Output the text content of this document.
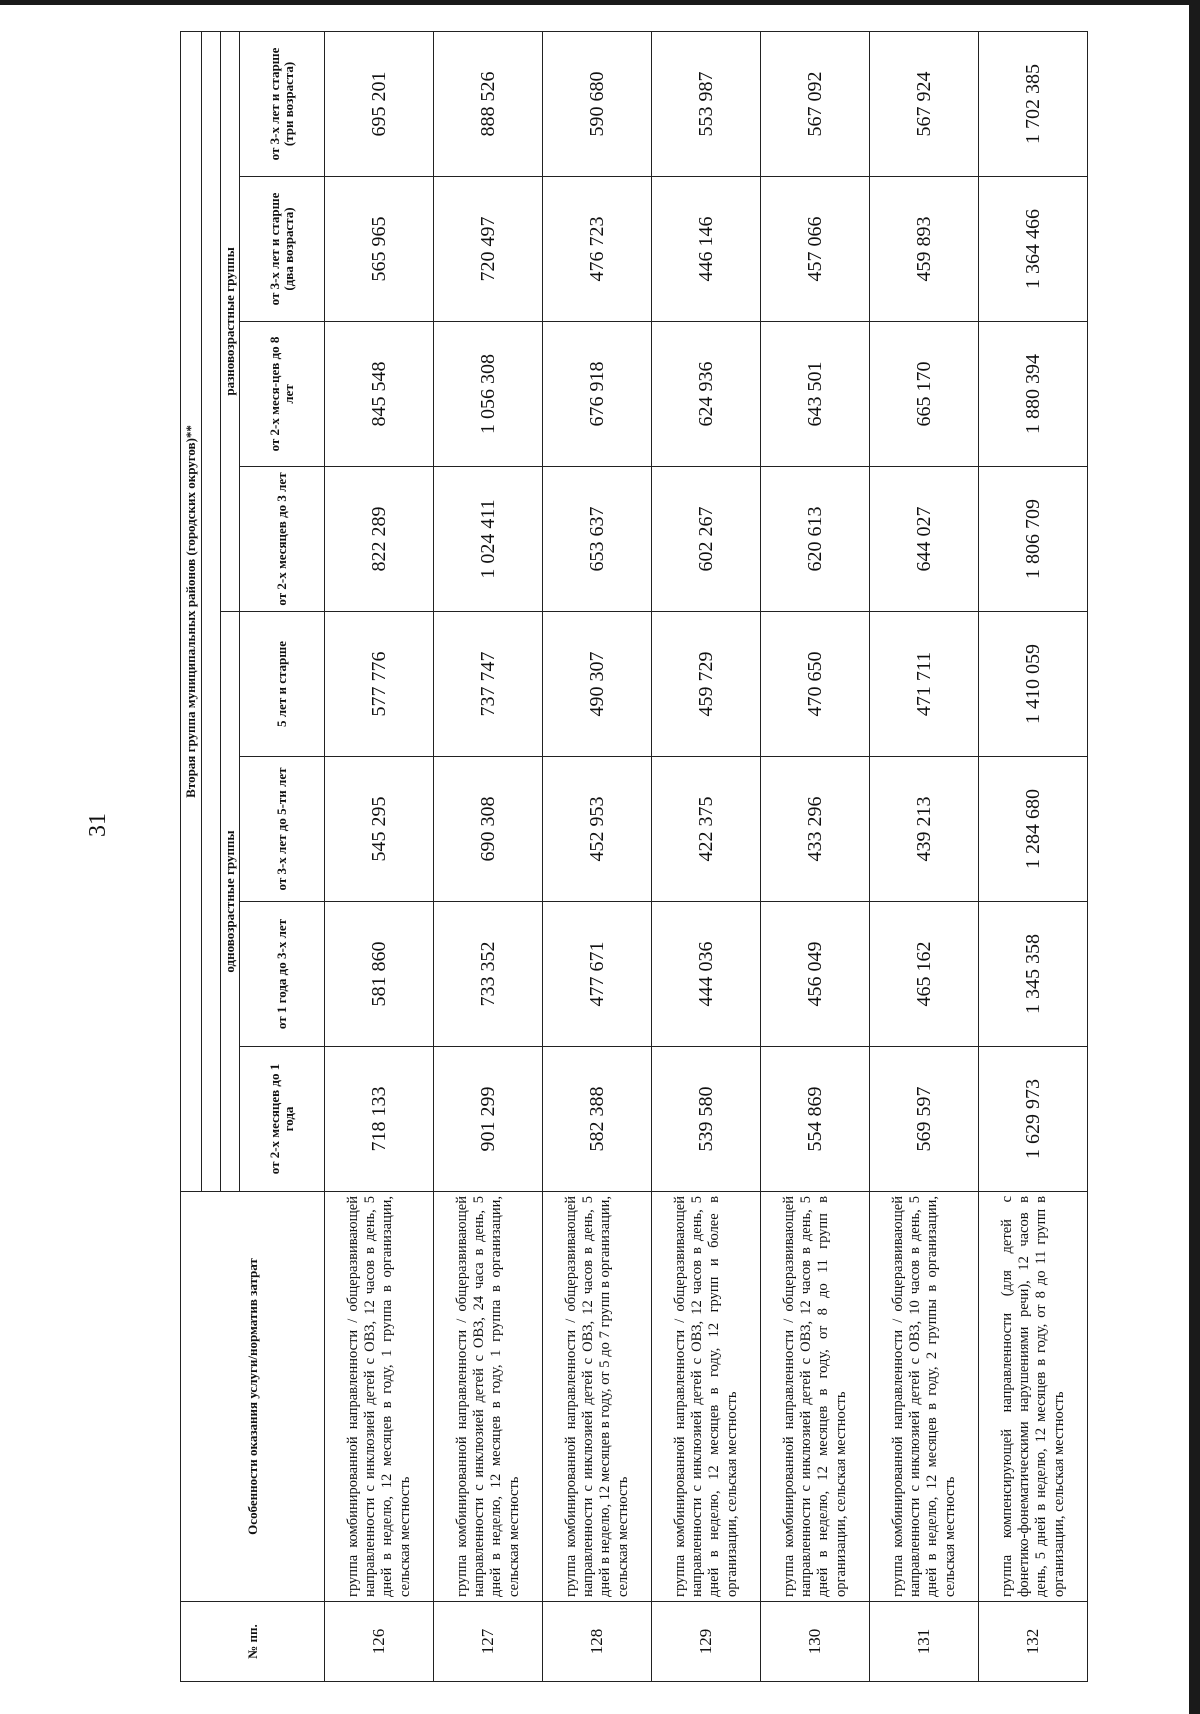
31
№ пп.	Особенности оказания услуги/норматив затрат	Вторая группа муниципальных районов (городских округов)**							

		одновозрастные группы				разновозрастные группы			
		от 2-х месяцев до 1 года	от 1 года до 3-х лет	от 3-х лет до 5-ти лет	5 лет и старше	от 2-х месяцев до 3 лет	от 2-х меся-цев до 8 лет	от 3-х лет и старше (два возраста)	от 3-х лет и старше (три возраста)
126	группа комбинированной направленности / общеразвивающей направленности с инклюзией детей с ОВЗ, 12 часов в день, 5 дней в неделю, 12 месяцев в году, 1 группа в организации, сельская местность	718 133	581 860	545 295	577 776	822 289	845 548	565 965	695 201
127	группа комбинированной направленности / общеразвивающей направленности с инклюзией детей с ОВЗ, 24 часа в день, 5 дней в неделю, 12 месяцев в году, 1 группа в организации, сельская местность	901 299	733 352	690 308	737 747	1 024 411	1 056 308	720 497	888 526
128	группа комбинированной направленности / общеразвивающей направленности с инклюзией детей с ОВЗ, 12 часов в день, 5 дней в неделю, 12 месяцев в году, от 5 до 7 групп в организации, сельская местность	582 388	477 671	452 953	490 307	653 637	676 918	476 723	590 680
129	группа комбинированной направленности / общеразвивающей направленности с инклюзией детей с ОВЗ, 12 часов в день, 5 дней в неделю, 12 месяцев в году, 12 групп и более в организации, сельская местность	539 580	444 036	422 375	459 729	602 267	624 936	446 146	553 987
130	группа комбинированной направленности / общеразвивающей направленности с инклюзией детей с ОВЗ, 12 часов в день, 5 дней в неделю, 12 месяцев в году, от 8 до 11 групп в организации, сельская местность	554 869	456 049	433 296	470 650	620 613	643 501	457 066	567 092
131	группа комбинированной направленности / общеразвивающей направленности с инклюзией детей с ОВЗ, 10 часов в день, 5 дней в неделю, 12 месяцев в году, 2 группы в организации, сельская местность	569 597	465 162	439 213	471 711	644 027	665 170	459 893	567 924
132	группа компенсирующей направленности (для детей с фонетико-фонематическими нарушениями речи), 12 часов в день, 5 дней в неделю, 12 месяцев в году, от 8 до 11 групп в организации, сельская местность	1 629 973	1 345 358	1 284 680	1 410 059	1 806 709	1 880 394	1 364 466	1 702 385
